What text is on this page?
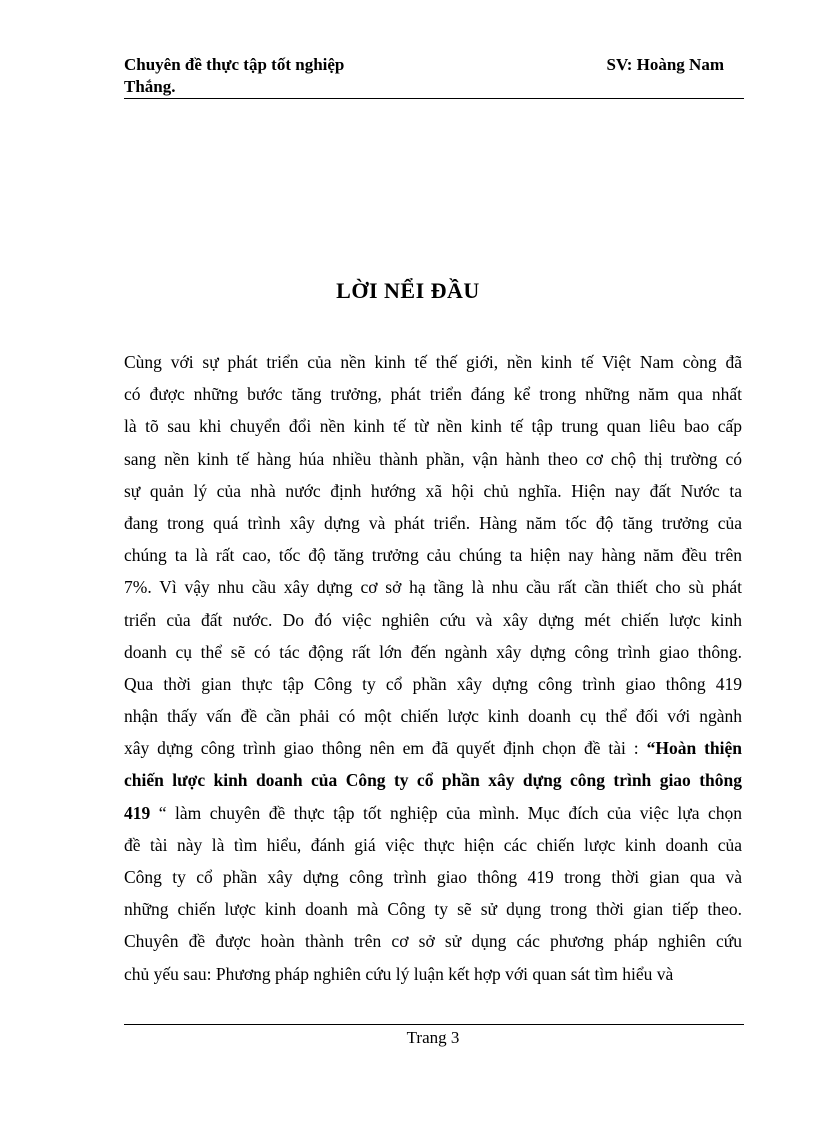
Chuyên đề thực tập tốt nghiệp
Thắng.
SV: Hoàng Nam
LỜI NỂI ĐẦU
Cùng với sự phát triển của nền kinh tế thế giới, nền kinh tế Việt Nam còng đã
có được những bước tăng trưởng, phát triển đáng kể trong những năm qua nhất
là tõ sau khi chuyển đổi nền kinh tế từ nền kinh tế tập trung quan liêu bao cấp
sang nền kinh tế hàng húa nhiều thành phần, vận hành theo cơ chộ thị trường có
sự quản lý của nhà nước định hướng xã hội chủ nghĩa. Hiện nay đất Nước ta
đang trong quá trình xây dựng và phát triển. Hàng năm tốc độ tăng trưởng của
chúng ta là rất cao, tốc độ tăng trưởng cảu chúng ta hiện nay hàng năm đều trên
7%. Vì vậy nhu cầu xây dựng cơ sở hạ tầng là nhu cầu rất cần thiết cho sù phát
triển của đất nước. Do đó việc nghiên cứu và xây dựng mét chiến lược kinh
doanh cụ thể sẽ có tác động rất lớn đến ngành xây dựng công trình giao thông.
Qua thời gian thực tập Công ty cổ phần xây dựng công trình giao thông 419
nhận thấy vấn đề cần phải có một chiến lược kinh doanh cụ thể đối với ngành
xây dựng công trình giao thông nên em đã quyết định chọn đề tài : “Hoàn thiện
chiến lược kinh doanh của Công ty cổ phần xây dựng công trình giao thông
419 “ làm chuyên đề thực tập tốt nghiệp của mình. Mục đích của việc lựa chọn
đề tài này là tìm hiểu, đánh giá việc thực hiện các chiến lược kinh doanh của
Công ty cổ phần xây dựng công trình giao thông 419 trong thời gian qua và
những chiến lược kinh doanh mà Công ty sẽ sử dụng trong thời gian tiếp theo.
Chuyên đề được hoàn thành trên cơ sở sử dụng các phương pháp nghiên cứu
chủ yếu sau: Phương pháp nghiên cứu lý luận kết hợp với quan sát tìm hiểu và
Trang 3
